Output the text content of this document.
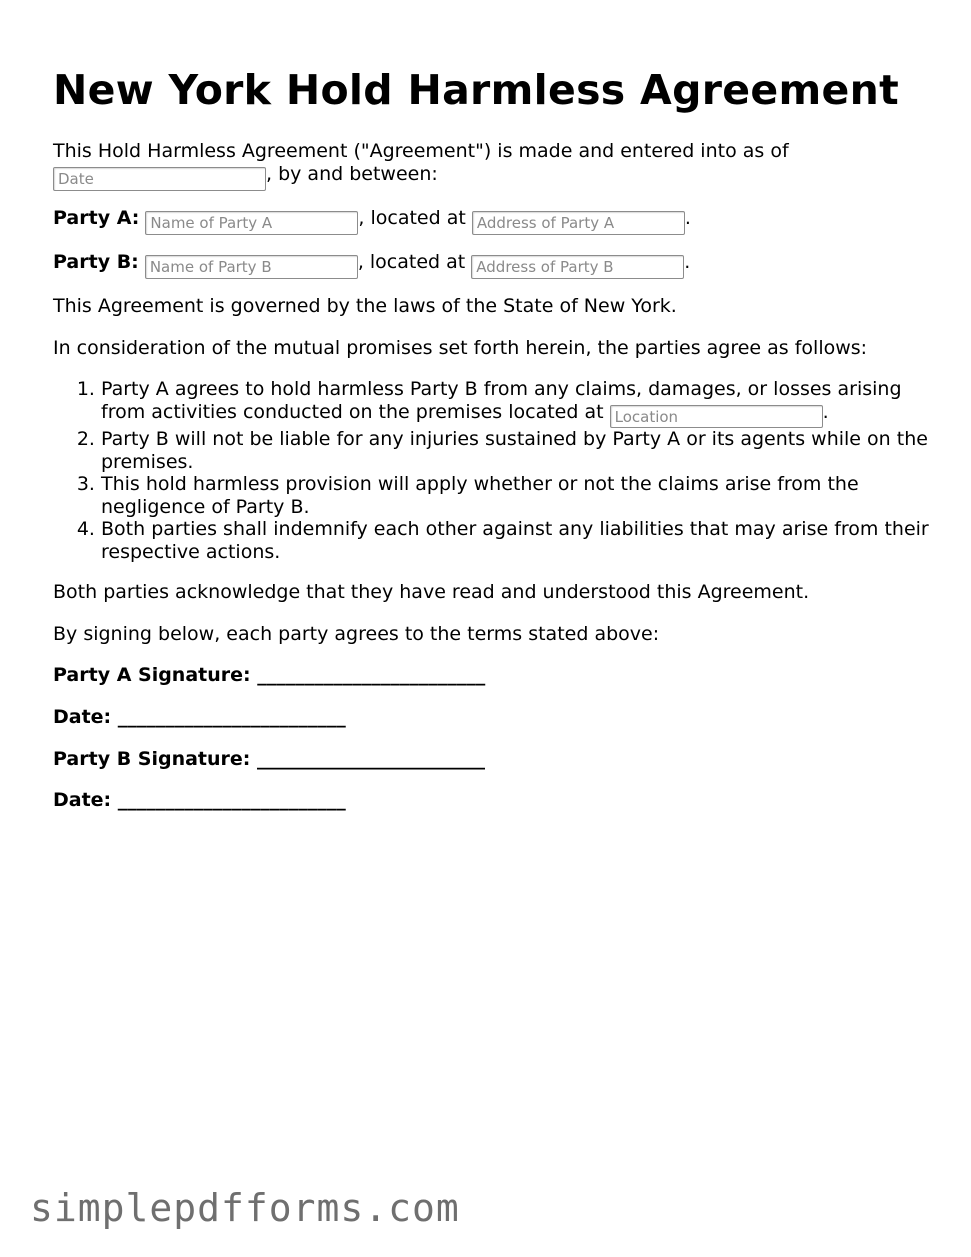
New York Hold Harmless Agreement
This Hold Harmless Agreement ("Agreement") is made and entered into as of
Date, by and between:
Party A: Name of Party A	, located at Address of Party A	.
Party B: Name of Party B	, located at Address of Party B	.
This Agreement is governed by the laws of the State of New York.
In consideration of the mutual promises set forth herein, the parties agree as follows:
1. Party A agrees to hold harmless Party B from any claims, damages, or losses arising from activities conducted on the premises located at Location	.
2. Party B will not be liable for any injuries sustained by Party A or its agents while on the premises.
3. This hold harmless provision will apply whether or not the claims arise from the negligence of Party B.
4. Both parties shall indemnify each other against any liabilities that may arise from their respective actions.
Both parties acknowledge that they have read and understood this Agreement.
By signing below, each party agrees to the terms stated above:
Party A Signature: ________________________
Date: ________________________
Party B Signature: ________________________
Date: ________________________
simplepdfforms.com
